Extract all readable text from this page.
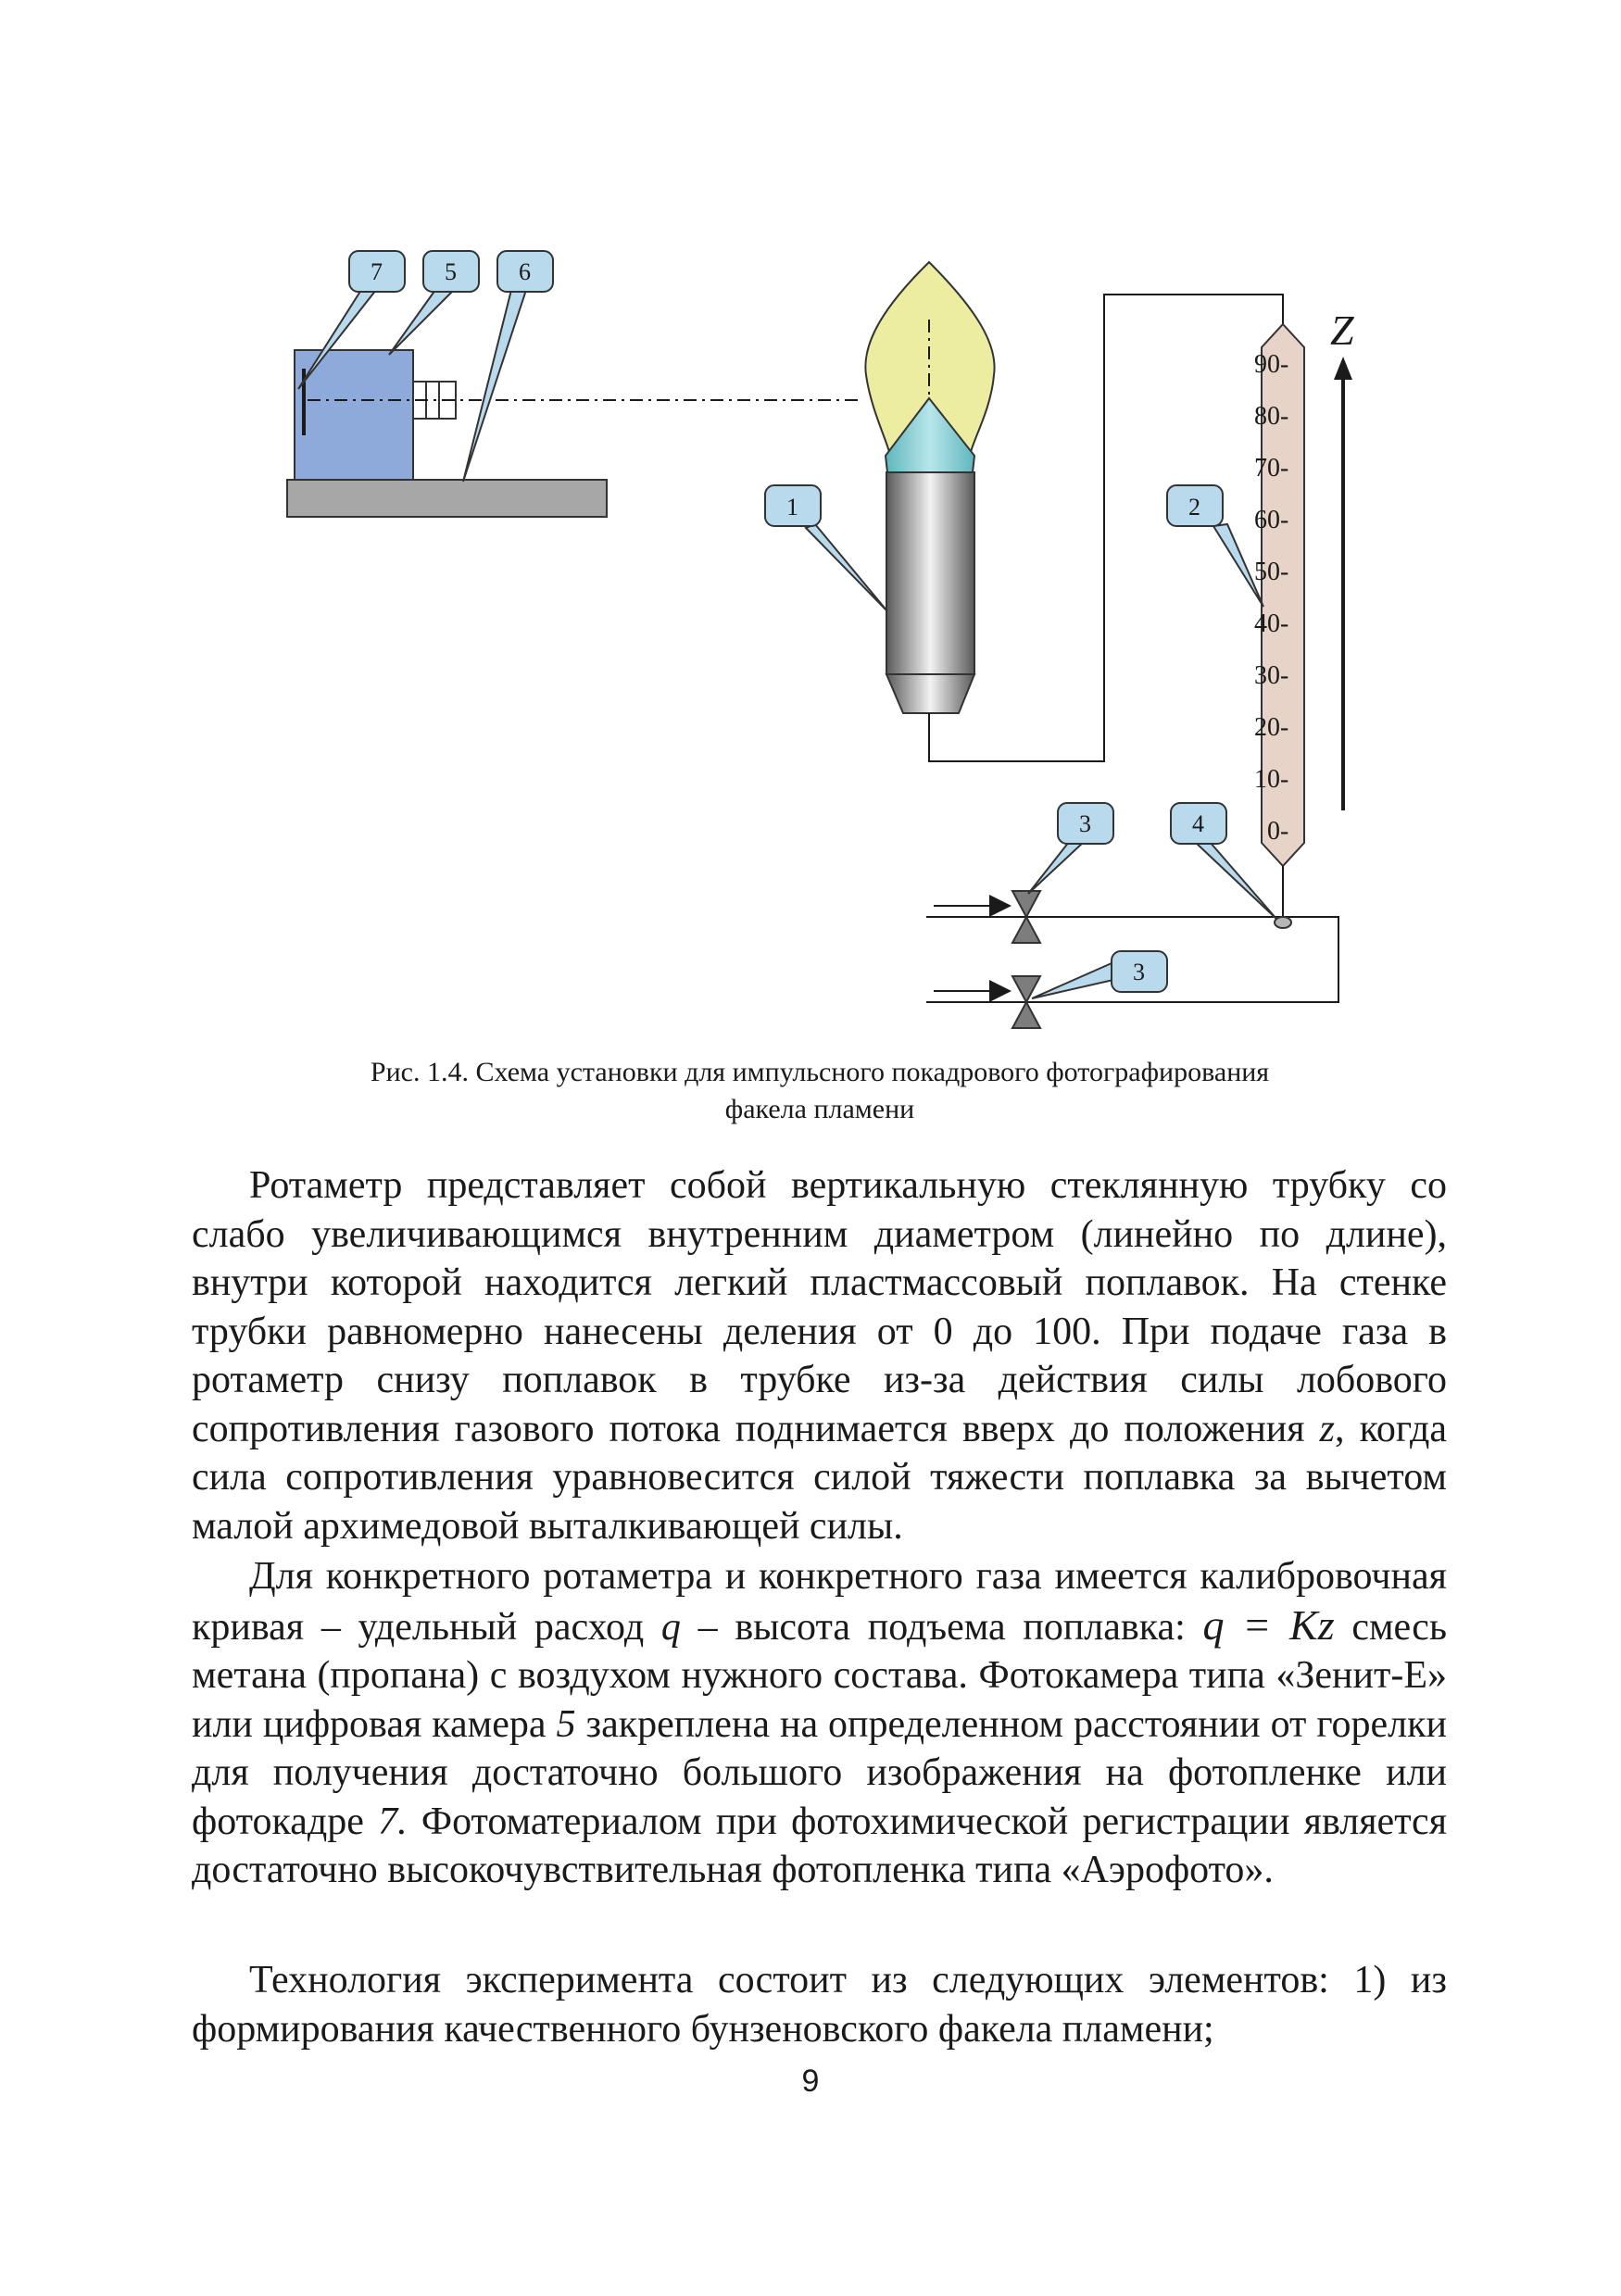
90-
80-
70-
60-
50-
40-
30-
20-
10-
0-
Z
7	5	6
1	2
3	4
3
Рис. 1.4. Схема установки для импульсного покадрового фотографирования
факела пламени

Ротаметр представляет собой вертикальную стеклянную трубку со слабо увеличивающимся внутренним диаметром (линейно по длине), внутри которой находится легкий пластмассовый поплавок. На стенке трубки равномерно нанесены деления от 0 до 100. При подаче газа в ротаметр снизу поплавок в трубке из-за действия силы лобового сопротивления газового потока поднимается вверх до положения z, когда сила сопротивления уравновесится силой тяжести поплавка за вычетом малой архимедовой выталкивающей силы.

Для конкретного ротаметра и конкретного газа имеется калибровочная кривая – удельный расход q – высота подъема поплавка: q = Kz смесь метана (пропана) с воздухом нужного состава. Фотокамера типа «Зенит-Е» или цифровая камера 5 закреплена на определенном расстоянии от горелки для получения достаточно большого изображения на фотопленке или фотокадре 7. Фотоматериалом при фотохимической регистрации является достаточно высокочувствительная фотопленка типа «Аэрофото».

Технология эксперимента состоит из следующих элементов: 1) из формирования качественного бунзеновского факела пламени;

9
